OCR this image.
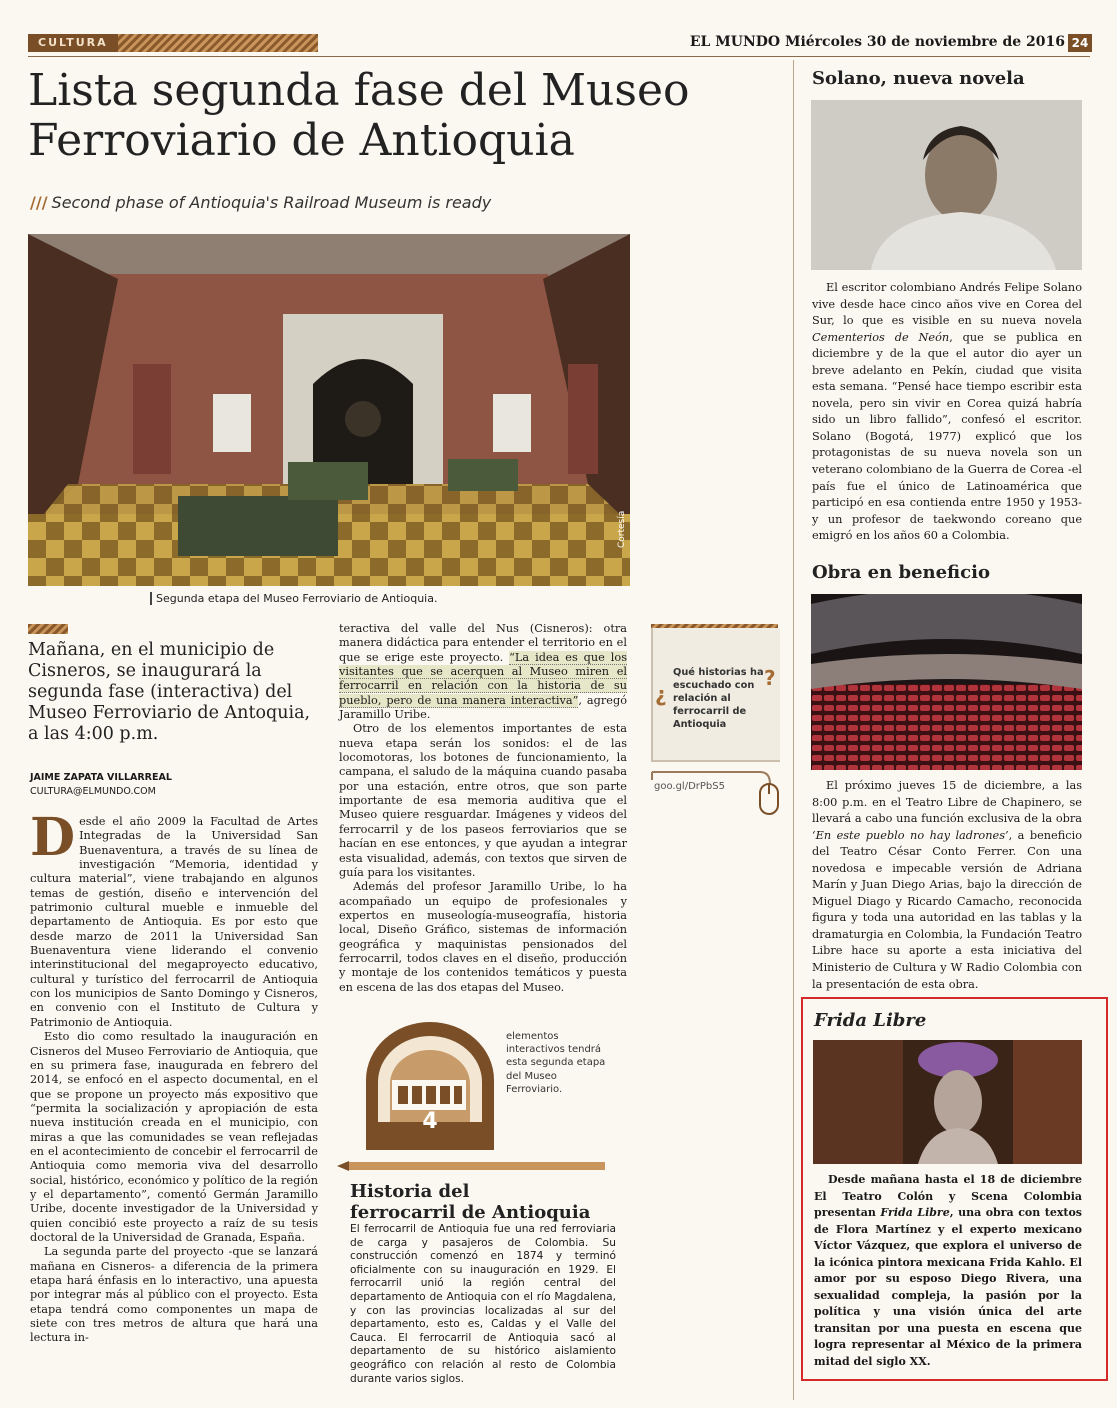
CULTURA	EL MUNDO Miércoles 30 de noviembre de 2016 24
Lista segunda fase del Museo
Ferroviario de Antioquia
/// Second phase of Antioquia's Railroad Museum is ready
Cortesía
Segunda etapa del Museo Ferroviario de Antioquia.
Mañana, en el municipio de Cisneros, se inaugurará la segunda fase (interactiva) del Museo Ferroviario de Antoquia, a las 4:00 p.m.
JAIME ZAPATA VILLARREAL
CULTURA@ELMUNDO.COM

Desde el año 2009 la Facultad de Artes Integradas de la Universidad San Buenaventura, a través de su línea de investigación “Memoria, identidad y cultura material”, viene trabajando en algunos temas de gestión, diseño e intervención del patrimonio cultural mueble e inmueble del departamento de Antioquia. Es por esto que desde marzo de 2011 la Universidad San Buenaventura viene liderando el convenio interinstitucional del megaproyecto educativo, cultural y turístico del ferrocarril de Antioquia con los municipios de Santo Domingo y Cisneros, en convenio con el Instituto de Cultura y Patrimonio de Antioquia.

Esto dio como resultado la inauguración en Cisneros del Museo Ferroviario de Antioquia, que en su primera fase, inaugurada en febrero del 2014, se enfocó en el aspecto documental, en el que se propone un proyecto más expositivo que “permita la socialización y apropiación de esta nueva institución creada en el municipio, con miras a que las comunidades se vean reflejadas en el acontecimiento de concebir el ferrocarril de Antioquia como memoria viva del desarrollo social, histórico, económico y político de la región y el departamento”, comentó Germán Jaramillo Uribe, docente investigador de la Universidad y quien concibió este proyecto a raíz de su tesis doctoral de la Universidad de Granada, España.

La segunda parte del proyecto -que se lanzará mañana en Cisneros- a diferencia de la primera etapa hará énfasis en lo interactivo, una apuesta por integrar más al público con el proyecto. Esta etapa tendrá como componentes un mapa de siete con tres metros de altura que hará una lectura in-

teractiva del valle del Nus (Cisneros): otra manera didáctica para entender el territorio en el que se erige este proyecto. “La idea es que los visitantes que se acerquen al Museo miren el ferrocarril en relación con la historia de su pueblo, pero de una manera interactiva”, agregó Jaramillo Uribe.

Otro de los elementos importantes de esta nueva etapa serán los sonidos: el de las locomotoras, los botones de funcionamiento, la campana, el saludo de la máquina cuando pasaba por una estación, entre otros, que son parte importante de esa memoria auditiva que el Museo quiere resguardar. Imágenes y videos del ferrocarril y de los paseos ferroviarios que se hacían en ese entonces, y que ayudan a integrar esta visualidad, además, con textos que sirven de guía para los visitantes.

Además del profesor Jaramillo Uribe, lo ha acompañado un equipo de profesionales y expertos en museología-museografía, historia local, Diseño Gráfico, sistemas de información geográfica y maquinistas pensionados del ferrocarril, todos claves en el diseño, producción y montaje de los contenidos temáticos y puesta en escena de las dos etapas del Museo.

¿
Qué historias ha escuchado con relación al ferrocarril de Antioquia
?
goo.gl/DrPbS5
4
elementos interactivos tendrá esta segunda etapa del Museo Ferroviario.
Historia del
ferrocarril de Antioquia
El ferrocarril de Antioquia fue una red ferroviaria de carga y pasajeros de Colombia. Su construcción comenzó en 1874 y terminó oficialmente con su inauguración en 1929. El ferrocarril unió la región central del departamento de Antioquia con el río Magdalena, y con las provincias localizadas al sur del departamento, esto es, Caldas y el Valle del Cauca. El ferrocarril de Antioquia sacó al departamento de su histórico aislamiento geográfico con relación al resto de Colombia durante varios siglos.
Solano, nueva novela

El escritor colombiano Andrés Felipe Solano vive desde hace cinco años vive en Corea del Sur, lo que es visible en su nueva novela Cementerios de Neón, que se publica en diciembre y de la que el autor dio ayer un breve adelanto en Pekín, ciudad que visita esta semana. “Pensé hace tiempo escribir esta novela, pero sin vivir en Corea quizá habría sido un libro fallido”, confesó el escritor. Solano (Bogotá, 1977) explicó que los protagonistas de su nueva novela son un veterano colombiano de la Guerra de Corea -el país fue el único de Latinoamérica que participó en esa contienda entre 1950 y 1953- y un profesor de taekwondo coreano que emigró en los años 60 a Colombia.

Obra en beneficio

El próximo jueves 15 de diciembre, a las 8:00 p.m. en el Teatro Libre de Chapinero, se llevará a cabo una función exclusiva de la obra ‘En este pueblo no hay ladrones’, a beneficio del Teatro César Conto Ferrer. Con una novedosa e impecable versión de Adriana Marín y Juan Diego Arias, bajo la dirección de Miguel Diago y Ricardo Camacho, reconocida figura y toda una autoridad en las tablas y la dramaturgia en Colombia, la Fundación Teatro Libre hace su aporte a esta iniciativa del Ministerio de Cultura y W Radio Colombia con la presentación de esta obra.

Frida Libre

Desde mañana hasta el 18 de diciembre El Teatro Colón y Scena Colombia presentan Frida Libre, una obra con textos de Flora Martínez y el experto mexicano Víctor Vázquez, que explora el universo de la icónica pintora mexicana Frida Kahlo. El amor por su esposo Diego Rivera, una sexualidad compleja, la pasión por la política y una visión única del arte transitan por una puesta en escena que logra representar al México de la primera mitad del siglo XX.
